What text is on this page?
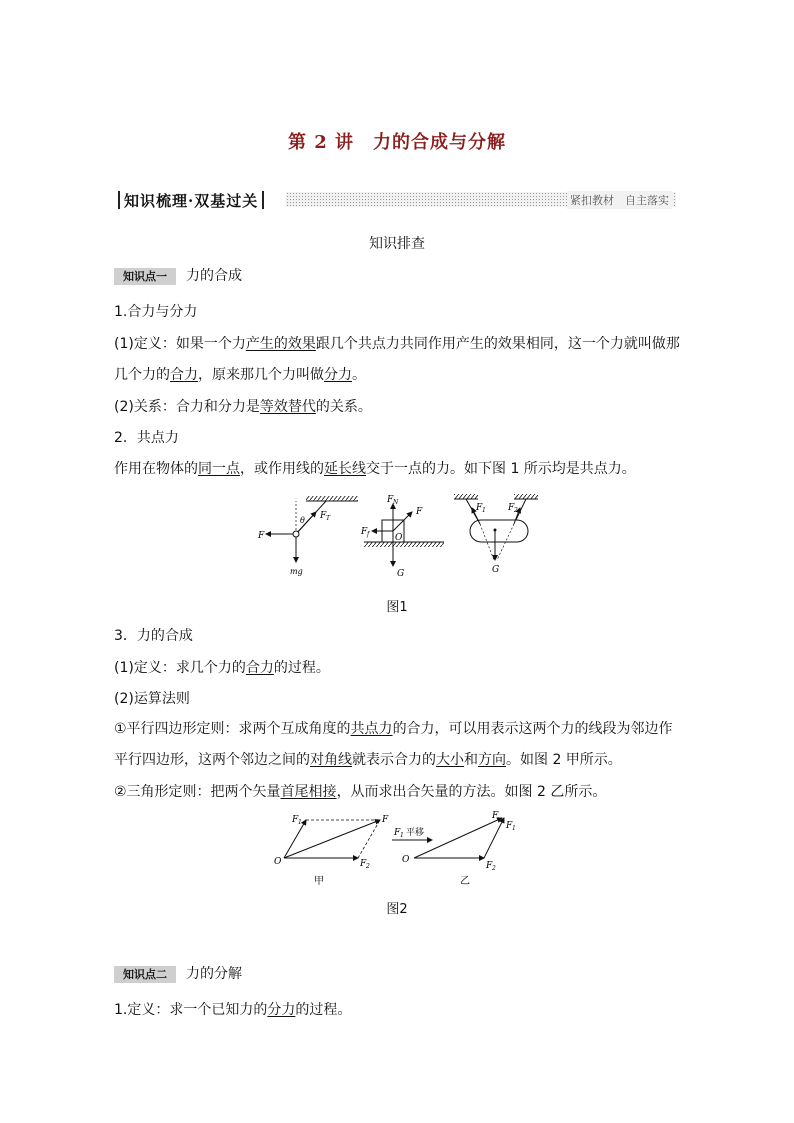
第 2 讲　力的合成与分解
知识梳理·双基过关	紧扣教材　自主落实
知识排查
知识点一	力的合成
1.合力与分力
(1)定义：如果一个力产生的效果跟几个共点力共同作用产生的效果相同，这一个力就叫做那
几个力的合力，原来那几个力叫做分力。
(2)关系：合力和分力是等效替代的关系。
2．共点力
作用在物体的同一点，或作用线的延长线交于一点的力。如下图 1 所示均是共点力。
F
F T
θ
mg
F N
F
F f	O
G
F 1 F 2
G
图1
3．力的合成
(1)定义：求几个力的合力的过程。
(2)运算法则
①平行四边形定则：求两个互成角度的共点力的合力，可以用表示这两个力的线段为邻边作
平行四边形，这两个邻边之间的对角线就表示合力的大小和方向。如图 2 甲所示。
②三角形定则：把两个矢量首尾相接，从而求出合矢量的方法。如图 2 乙所示。
O
F 1	F
F 2
F 1 平移
O
F
F 1
F 2
甲	乙
图2
知识点二	力的分解
1.定义：求一个已知力的分力的过程。
